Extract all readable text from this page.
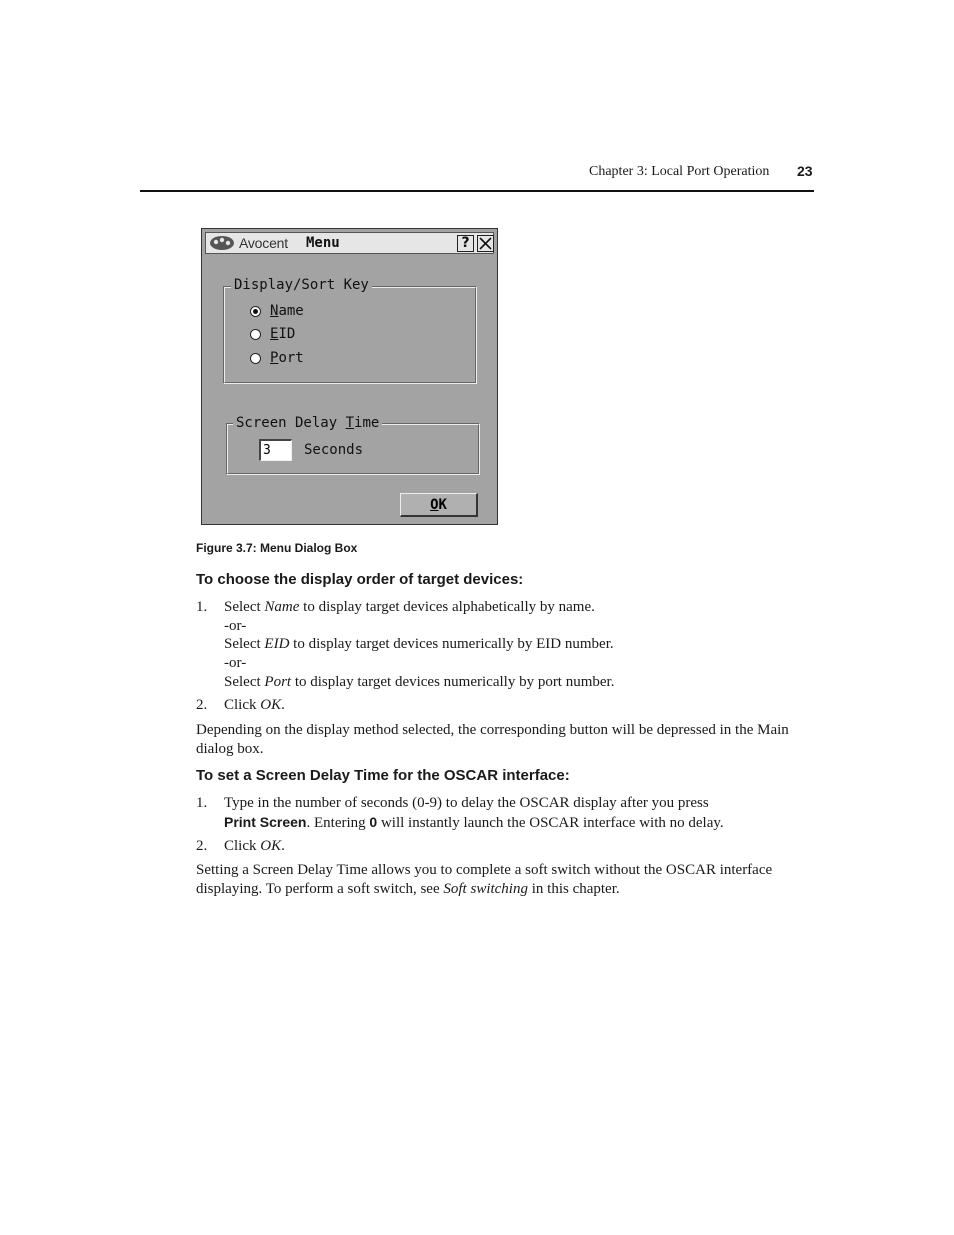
Chapter 3: Local Port Operation 23
Avocent Menu	?
Display/Sort Key
Name
EID
Port
Screen Delay Time
3
Seconds
OK
Figure 3.7: Menu Dialog Box
To choose the display order of target devices:
1. Select Name to display target devices alphabetically by name.
-or-
Select EID to display target devices numerically by EID number.
-or-
Select Port to display target devices numerically by port number.
2. Click OK.
Depending on the display method selected, the corresponding button will be depressed in the Main dialog box.
To set a Screen Delay Time for the OSCAR interface:
1. Type in the number of seconds (0-9) to delay the OSCAR display after you press
Print Screen. Entering 0 will instantly launch the OSCAR interface with no delay.
2. Click OK.
Setting a Screen Delay Time allows you to complete a soft switch without the OSCAR interface displaying. To perform a soft switch, see Soft switching in this chapter.
